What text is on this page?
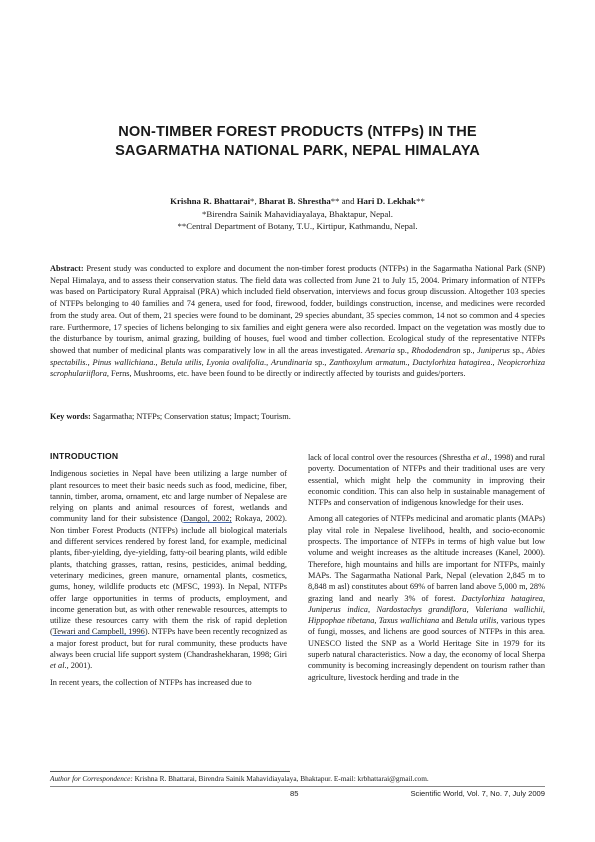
NON-TIMBER FOREST PRODUCTS (NTFPs) IN THE
SAGARMATHA NATIONAL PARK, NEPAL HIMALAYA
Krishna R. Bhattarai*, Bharat B. Shrestha** and Hari D. Lekhak**
*Birendra Sainik Mahavidiayalaya, Bhaktapur, Nepal.
**Central Department of Botany, T.U., Kirtipur, Kathmandu, Nepal.
Abstract: Present study was conducted to explore and document the non-timber forest products (NTFPs) in the Sagarmatha National Park (SNP) Nepal Himalaya, and to assess their conservation status. The field data was collected from June 21 to July 15, 2004. Primary information of NTFPs was based on Participatory Rural Appraisal (PRA) which included field observation, interviews and focus group discussion. Altogether 103 species of NTFPs belonging to 40 families and 74 genera, used for food, firewood, fodder, buildings construction, incense, and medicines were recorded from the study area. Out of them, 21 species were found to be dominant, 29 species abundant, 35 species common, 14 not so common and 4 species rare. Furthermore, 17 species of lichens belonging to six families and eight genera were also recorded. Impact on the vegetation was mostly due to the disturbance by tourism, animal grazing, building of houses, fuel wood and timber collection. Ecological study of the representative NTFPs showed that number of medicinal plants was comparatively low in all the areas investigated. Arenaria sp., Rhododendron sp., Juniperus sp., Abies spectabilis., Pinus wallichiana., Betula utilis, Lyonia ovalifolia., Arundinaria sp., Zanthoxylum armatum., Dactylorhiza hatagirea., Neopicrorhiza scrophulariiflora, Ferns, Mushrooms, etc. have been found to be directly or indirectly affected by tourists and guides/porters.
Key words: Sagarmatha; NTFPs; Conservation status; Impact; Tourism.
INTRODUCTION

Indigenous societies in Nepal have been utilizing a large number of plant resources to meet their basic needs such as food, medicine, fiber, tannin, timber, aroma, ornament, etc and large number of Nepalese are relying on plants and animal resources of forest, wetlands and community land for their subsistence (Dangol, 2002; Rokaya, 2002). Non timber Forest Products (NTFPs) include all biological materials and different services rendered by forest land, for example, medicinal plants, fiber-yielding, dye-yielding, fatty-oil bearing plants, wild edible plants, thatching grasses, rattan, resins, pesticides, animal bedding, veterinary medicines, green manure, ornamental plants, cosmetics, gums, honey, wildlife products etc (MFSC, 1993). In Nepal, NTFPs offer large opportunities in terms of products, employment, and income generation but, as with other renewable resources, attempts to utilize these resources carry with them the risk of rapid depletion (Tewari and Campbell, 1996). NTFPs have been recently recognized as a major forest product, but for rural community, these products have always been crucial life support system (Chandrashekharan, 1998; Giri et al., 2001).

In recent years, the collection of NTFPs has increased due to

lack of local control over the resources (Shrestha et al., 1998) and rural poverty. Documentation of NTFPs and their traditional uses are very essential, which might help the community in improving their economic condition. This can also help in sustainable management of NTFPs and conservation of indigenous knowledge for their uses.

Among all categories of NTFPs medicinal and aromatic plants (MAPs) play vital role in Nepalese livelihood, health, and socio-economic prospects. The importance of NTFPs in terms of high value but low volume and weight increases as the altitude increases (Kanel, 2000). Therefore, high mountains and hills are important for NTFPs, mainly MAPs. The Sagarmatha National Park, Nepal (elevation 2,845 m to 8,848 m asl) constitutes about 69% of barren land above 5,000 m, 28% grazing land and nearly 3% of forest. Dactylorhiza hatagirea, Juniperus indica, Nardostachys grandiflora, Valeriana wallichii, Hippophae tibetana, Taxus wallichiana and Betula utilis, various types of fungi, mosses, and lichens are good sources of NTFPs in this area. UNESCO listed the SNP as a World Heritage Site in 1979 for its superb natural characteristics. Now a day, the economy of local Sherpa community is becoming increasingly dependent on tourism rather than agriculture, livestock herding and trade in the

Author for Correspondence: Krishna R. Bhattarai, Birendra Sainik Mahavidiayalaya, Bhaktapur. E-mail: krbhattarai@gmail.com.
85	Scientific World, Vol. 7, No. 7, July 2009
